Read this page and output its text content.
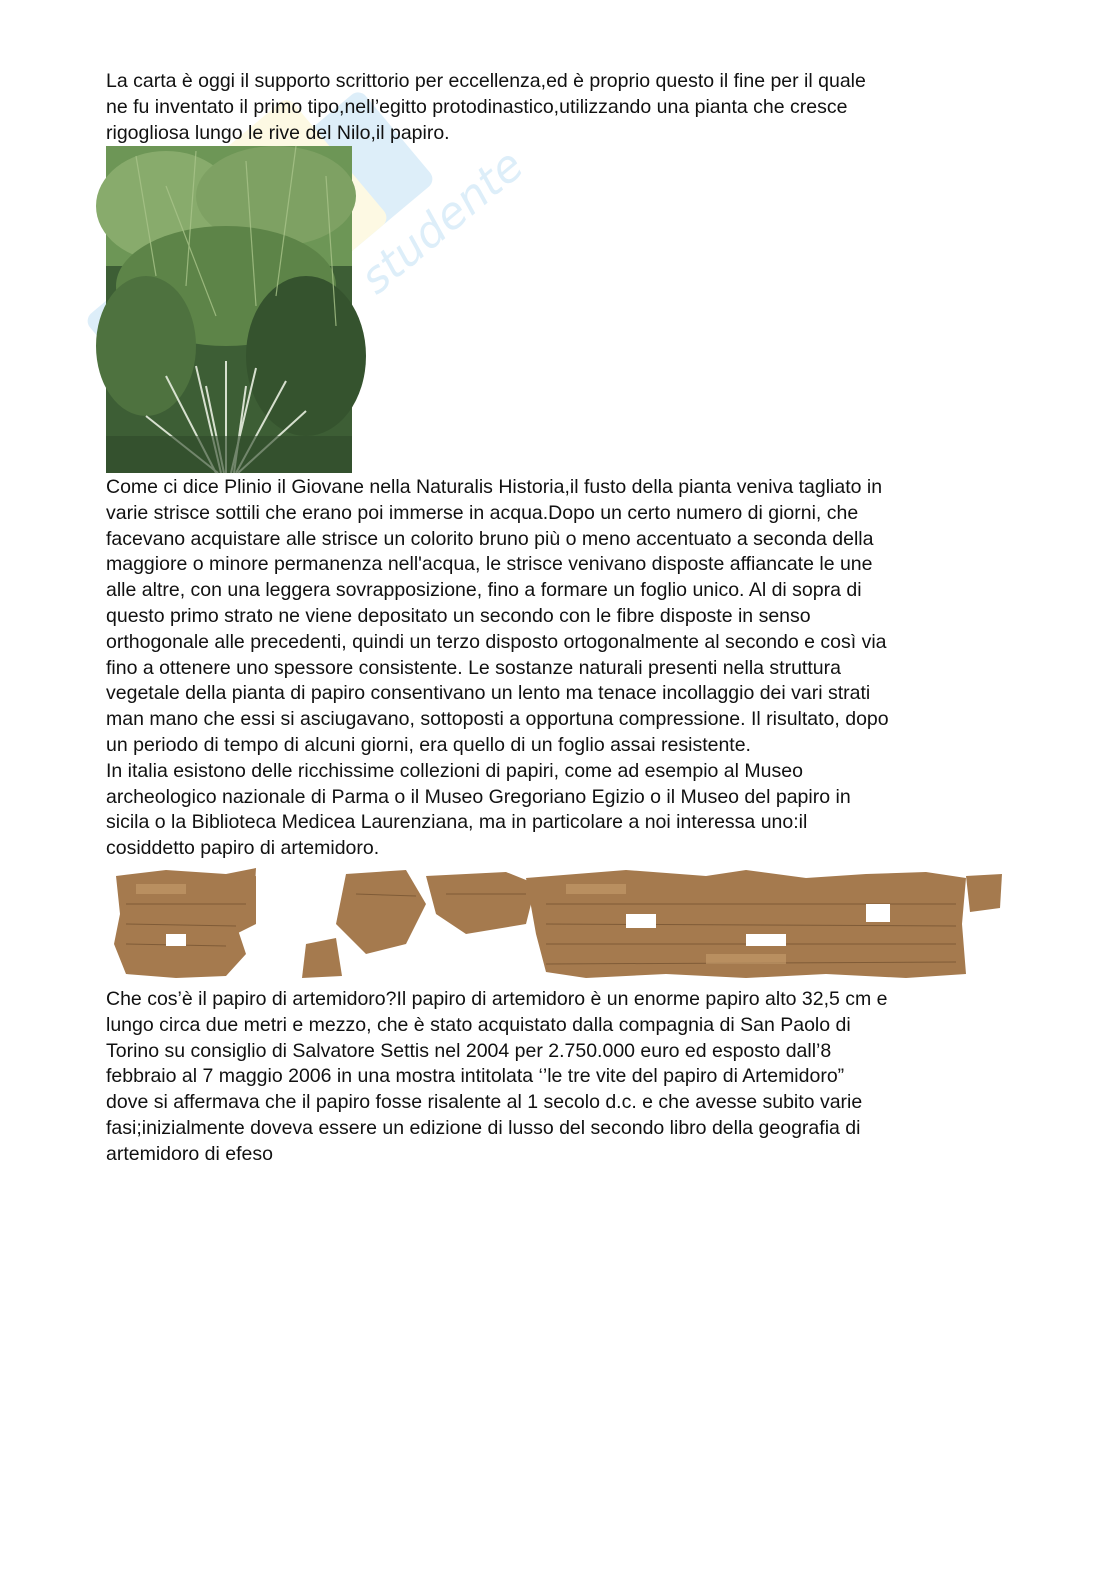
studente
La carta è oggi il supporto scrittorio per eccellenza,ed è proprio questo il fine per il quale
ne fu inventato il primo tipo,nell’egitto protodinastico,utilizzando una pianta che cresce
rigogliosa lungo le rive del Nilo,il papiro.
Come ci dice Plinio il Giovane nella Naturalis Historia,il fusto della pianta veniva tagliato in
varie strisce sottili che erano poi immerse in acqua.Dopo un certo numero di giorni, che
facevano acquistare alle strisce un colorito bruno più o meno accentuato a seconda della
maggiore o minore permanenza nell'acqua, le strisce venivano disposte affiancate le une
alle altre, con una leggera sovrapposizione, fino a formare un foglio unico. Al di sopra di
questo primo strato ne viene depositato un secondo con le fibre disposte in senso
orthogonale alle precedenti, quindi un terzo disposto ortogonalmente al secondo e così via
fino a ottenere uno spessore consistente. Le sostanze naturali presenti nella struttura
vegetale della pianta di papiro consentivano un lento ma tenace incollaggio dei vari strati
man mano che essi si asciugavano, sottoposti a opportuna compressione. Il risultato, dopo
un periodo di tempo di alcuni giorni, era quello di un foglio assai resistente.
In italia esistono delle ricchissime collezioni di papiri, come ad esempio al Museo
archeologico nazionale di Parma o il Museo Gregoriano Egizio o il Museo del papiro in
sicila o la Biblioteca Medicea Laurenziana, ma in particolare a noi interessa uno:il
cosiddetto papiro di artemidoro.
Che cos’è il papiro di artemidoro?Il papiro di artemidoro è un enorme papiro alto 32,5 cm e
lungo circa due metri e mezzo, che è stato acquistato dalla compagnia di San Paolo di
Torino su consiglio di Salvatore Settis nel 2004 per 2.750.000 euro ed esposto dall’8
febbraio al 7 maggio 2006 in una mostra intitolata ‘’le tre vite del papiro di Artemidoro”
dove si affermava che il papiro fosse risalente al 1 secolo d.c. e che avesse subito varie
fasi;inizialmente doveva essere un edizione di lusso del secondo libro della geografia di
artemidoro di efeso
